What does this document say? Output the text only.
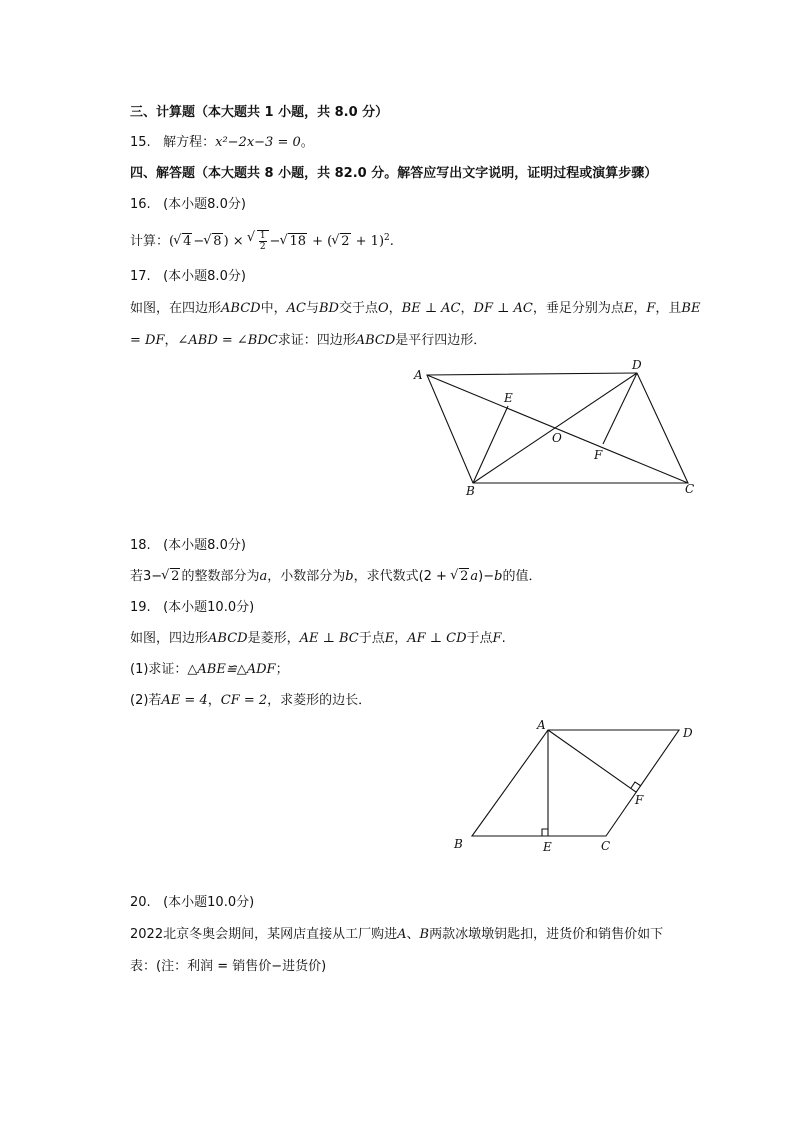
三、计算题（本大题共 1 小题，共 8.0 分）
15. 解方程：x²−2x−3 = 0。
四、解答题（本大题共 8 小题，共 82.0 分。解答应写出文字说明，证明过程或演算步骤）
16. (本小题8.0分)
计算：( √ 4 − √ 8 ) × √ $\frac{1}{2}$ − √ 18 + ( √ 2 + 1)$^2$.
17. (本小题8.0分)
如图，在四边形ABCD中，AC与BD交于点O，BE ⊥ AC，DF ⊥ AC，垂足分别为点E，F，且BE
= DF，∠ABD = ∠BDC求证：四边形ABCD是平行四边形．
A
D
E
O
F
B	C
18. (本小题8.0分)
若3− √ 2 的整数部分为a，小数部分为b，求代数式(2 + √ 2 a)−b的值．
19. (本小题10.0分)
如图，四边形ABCD是菱形，AE ⊥ BC于点E，AF ⊥ CD于点F.
(1)求证：△ABE≌△ADF；
(2)若AE = 4，CF = 2，求菱形的边长．
A
D
F
B	E	C
20. (本小题10.0分)
2022北京冬奥会期间，某网店直接从工厂购进A、B两款冰墩墩钥匙扣，进货价和销售价如下
表：(注：利润 = 销售价−进货价)
